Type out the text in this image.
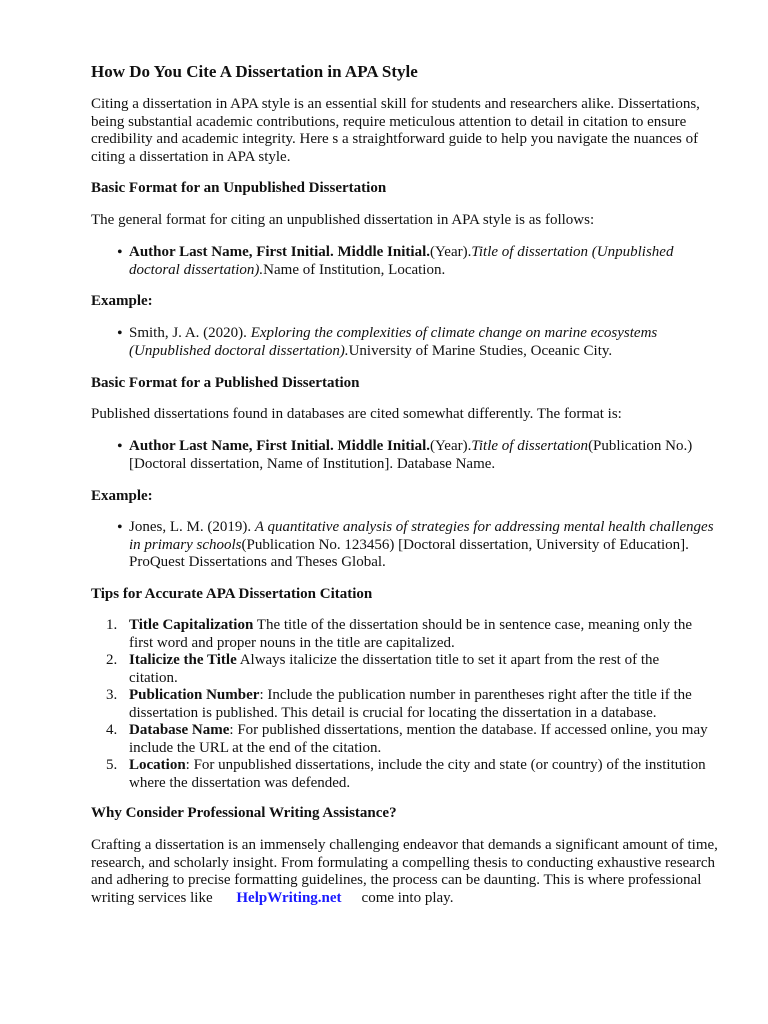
How Do You Cite A Dissertation in APA Style

Citing a dissertation in APA style is an essential skill for students and researchers alike. Dissertations, being substantial academic contributions, require meticulous attention to detail in citation to ensure credibility and academic integrity. Here s a straightforward guide to help you navigate the nuances of citing a dissertation in APA style.

Basic Format for an Unpublished Dissertation

The general format for citing an unpublished dissertation in APA style is as follows:

• Author Last Name, First Initial. Middle Initial.(Year).Title of dissertation (Unpublished doctoral dissertation).Name of Institution, Location.

Example:

• Smith, J. A. (2020). Exploring the complexities of climate change on marine ecosystems (Unpublished doctoral dissertation).University of Marine Studies, Oceanic City.

Basic Format for a Published Dissertation

Published dissertations found in databases are cited somewhat differently. The format is:

• Author Last Name, First Initial. Middle Initial.(Year).Title of dissertation(Publication No.) [Doctoral dissertation, Name of Institution]. Database Name.

Example:

• Jones, L. M. (2019). A quantitative analysis of strategies for addressing mental health challenges in primary schools(Publication No. 123456) [Doctoral dissertation, University of Education]. ProQuest Dissertations and Theses Global.

Tips for Accurate APA Dissertation Citation
1. Title Capitalization The title of the dissertation should be in sentence case, meaning only the first word and proper nouns in the title are capitalized.
2. Italicize the Title Always italicize the dissertation title to set it apart from the rest of the citation.
3. Publication Number: Include the publication number in parentheses right after the title if the dissertation is published. This detail is crucial for locating the dissertation in a database.
4. Database Name: For published dissertations, mention the database. If accessed online, you may include the URL at the end of the citation.
5. Location: For unpublished dissertations, include the city and state (or country) of the institution where the dissertation was defended.
Why Consider Professional Writing Assistance?

Crafting a dissertation is an immensely challenging endeavor that demands a significant amount of time, research, and scholarly insight. From formulating a compelling thesis to conducting exhaustive research and adhering to precise formatting guidelines, the process can be daunting. This is where professional writing services like HelpWriting.net come into play.
